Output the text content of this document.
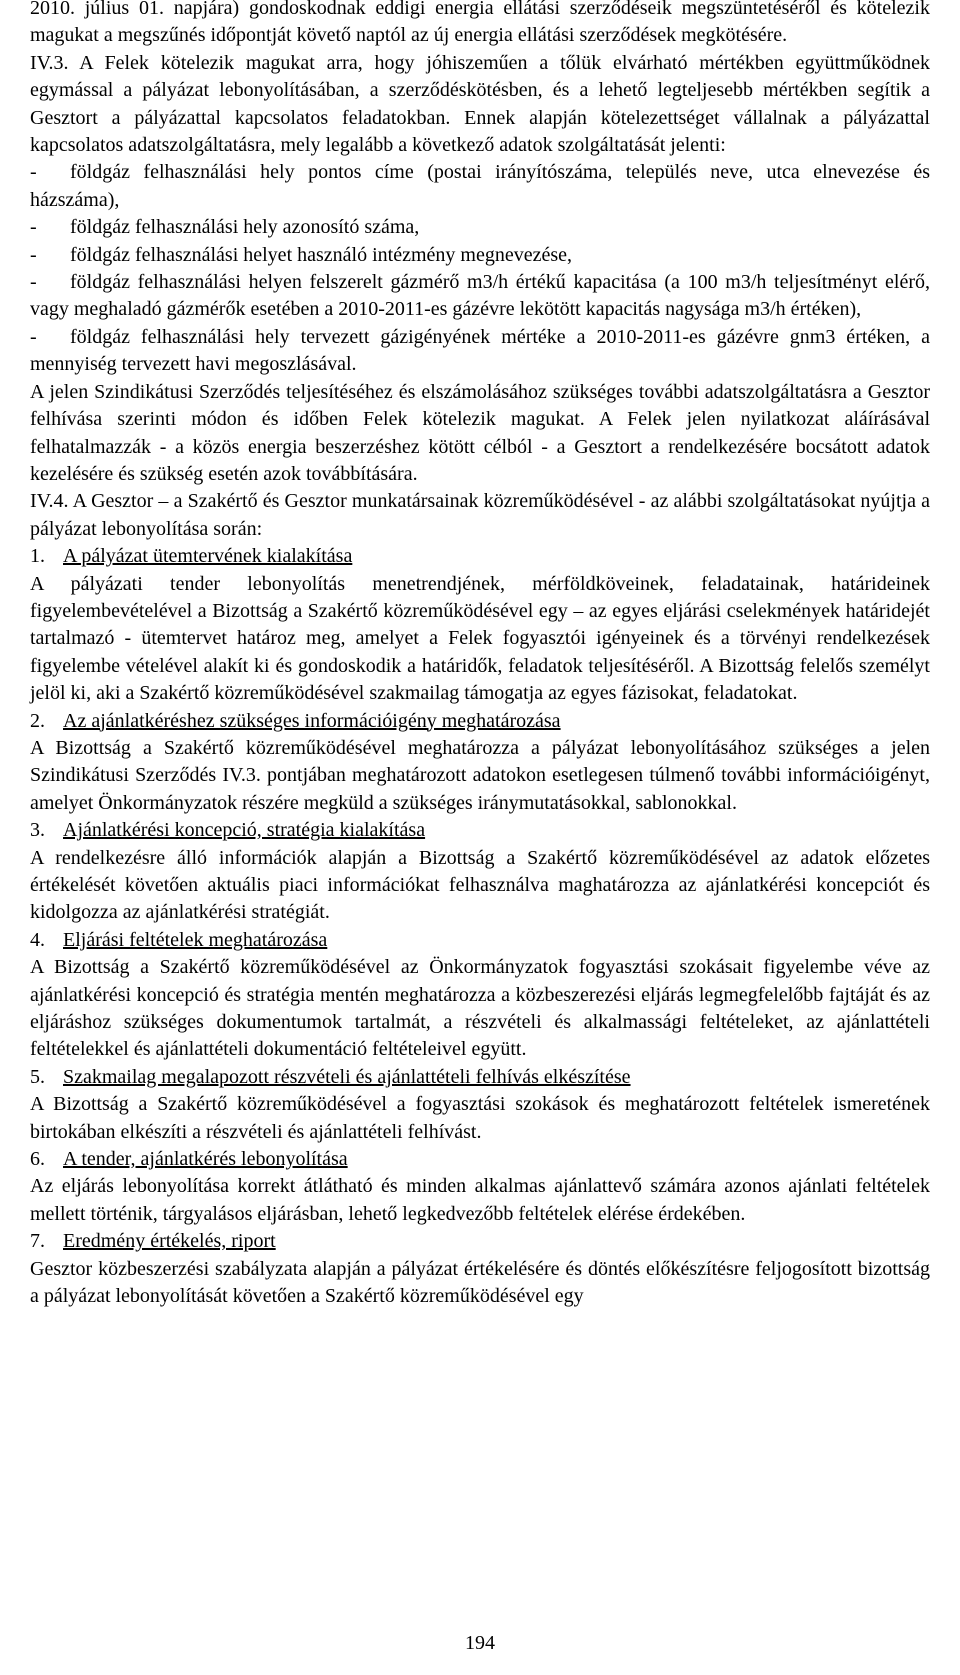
2010. július 01. napjára) gondoskodnak eddigi energia ellátási szerződéseik megszüntetéséről és kötelezik magukat a megszűnés időpontját követő naptól az új energia ellátási szerződések megkötésére.

IV.3. A Felek kötelezik magukat arra, hogy jóhiszeműen a tőlük elvárható mértékben együttműködnek egymással a pályázat lebonyolításában, a szerződéskötésben, és a lehető legteljesebb mértékben segítik a Gesztort a pályázattal kapcsolatos feladatokban. Ennek alapján kötelezettséget vállalnak a pályázattal kapcsolatos adatszolgáltatásra, mely legalább a következő adatok szolgáltatását jelenti:

- földgáz felhasználási hely pontos címe (postai irányítószáma, település neve, utca elnevezése és házszáma),

- földgáz felhasználási hely azonosító száma,

- földgáz felhasználási helyet használó intézmény megnevezése,

- földgáz felhasználási helyen felszerelt gázmérő m3/h értékű kapacitása (a 100 m3/h teljesítményt elérő, vagy meghaladó gázmérők esetében a 2010-2011-es gázévre lekötött kapacitás nagysága m3/h értéken),

- földgáz felhasználási hely tervezett gázigényének mértéke a 2010-2011-es gázévre gnm3 értéken, a mennyiség tervezett havi megoszlásával.

A jelen Szindikátusi Szerződés teljesítéséhez és elszámolásához szükséges további adatszolgáltatásra a Gesztor felhívása szerinti módon és időben Felek kötelezik magukat. A Felek jelen nyilatkozat aláírásával felhatalmazzák - a közös energia beszerzéshez kötött célból - a Gesztort a rendelkezésére bocsátott adatok kezelésére és szükség esetén azok továbbítására.

IV.4. A Gesztor – a Szakértő és Gesztor munkatársainak közreműködésével - az alábbi szolgáltatásokat nyújtja a pályázat lebonyolítása során:

1. A pályázat ütemtervének kialakítása

A pályázati tender lebonyolítás menetrendjének, mérföldköveinek, feladatainak, határideinek figyelembevételével a Bizottság a Szakértő közreműködésével egy – az egyes eljárási cselekmények határidejét tartalmazó - ütemtervet határoz meg, amelyet a Felek fogyasztói igényeinek és a törvényi rendelkezések figyelembe vételével alakít ki és gondoskodik a határidők, feladatok teljesítéséről. A Bizottság felelős személyt jelöl ki, aki a Szakértő közreműködésével szakmailag támogatja az egyes fázisokat, feladatokat.

2. Az ajánlatkéréshez szükséges információigény meghatározása

A Bizottság a Szakértő közreműködésével meghatározza a pályázat lebonyolításához szükséges a jelen Szindikátusi Szerződés IV.3. pontjában meghatározott adatokon esetlegesen túlmenő további információigényt, amelyet Önkormányzatok részére megküld a szükséges iránymutatásokkal, sablonokkal.

3. Ajánlatkérési koncepció, stratégia kialakítása

A rendelkezésre álló információk alapján a Bizottság a Szakértő közreműködésével az adatok előzetes értékelését követően aktuális piaci információkat felhasználva maghatározza az ajánlatkérési koncepciót és kidolgozza az ajánlatkérési stratégiát.

4. Eljárási feltételek meghatározása

A Bizottság a Szakértő közreműködésével az Önkormányzatok fogyasztási szokásait figyelembe véve az ajánlatkérési koncepció és stratégia mentén meghatározza a közbeszerezési eljárás legmegfelelőbb fajtáját és az eljáráshoz szükséges dokumentumok tartalmát, a részvételi és alkalmassági feltételeket, az ajánlattételi feltételekkel és ajánlattételi dokumentáció feltételeivel együtt.

5. Szakmailag megalapozott részvételi és ajánlattételi felhívás elkészítése

A Bizottság a Szakértő közreműködésével a fogyasztási szokások és meghatározott feltételek ismeretének birtokában elkészíti a részvételi és ajánlattételi felhívást.

6. A tender, ajánlatkérés lebonyolítása

Az eljárás lebonyolítása korrekt átlátható és minden alkalmas ajánlattevő számára azonos ajánlati feltételek mellett történik, tárgyalásos eljárásban, lehető legkedvezőbb feltételek elérése érdekében.

7. Eredmény értékelés, riport

Gesztor közbeszerzési szabályzata alapján a pályázat értékelésére és döntés előkészítésre feljogosított bizottság a pályázat lebonyolítását követően a Szakértő közreműködésével egy

194
